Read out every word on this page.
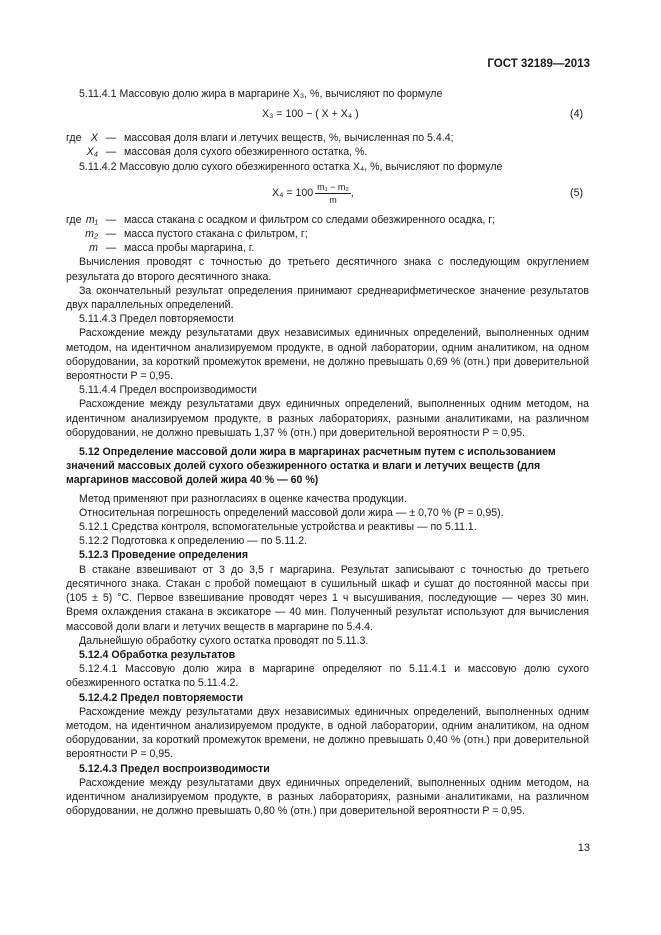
ГОСТ 32189—2013

5.11.4.1 Массовую долю жира в маргарине X₃, %, вычисляют по формуле

X₃ = 100 − ( X + X₄ )	(4)
где X — массовая доля влаги и летучих веществ, %, вычисленная по 5.4.4;
X₄ — массовая доля сухого обезжиренного остатка, %.

5.11.4.2 Массовую долю сухого обезжиренного остатка X₄, %, вычисляют по формуле

$X_4 = 100 \frac{\text{m₁ − m₂}}{m}$ ,	(5)
где m₁ — масса стакана с осадком и фильтром со следами обезжиренного осадка, г;
m₂ — масса пустого стакана с фильтром, г;
m — масса пробы маргарина, г.

Вычисления проводят с точностью до третьего десятичного знака с последующим округлением результата до второго десятичного знака.

За окончательный результат определения принимают среднеарифметическое значение результатов двух параллельных определений.

5.11.4.3 Предел повторяемости

Расхождение между результатами двух независимых единичных определений, выполненных одним методом, на идентичном анализируемом продукте, в одной лаборатории, одним аналитиком, на одном оборудовании, за короткий промежуток времени, не должно превышать 0,69 % (отн.) при доверительной вероятности P = 0,95.

5.11.4.4 Предел воспроизводимости

Расхождение между результатами двух единичных определений, выполненных одним методом, на идентичном анализируемом продукте, в разных лабораториях, разными аналитиками, на различном оборудовании, не должно превышать 1,37 % (отн.) при доверительной вероятности P = 0,95.

5.12 Определение массовой доли жира в маргаринах расчетным путем с использованием значений массовых долей сухого обезжиренного остатка и влаги и летучих веществ (для маргаринов массовой долей жира 40 % — 60 %)

Метод применяют при разногласиях в оценке качества продукции.

Относительная погрешность определений массовой доли жира — ± 0,70 % (P = 0,95).

5.12.1 Средства контроля, вспомогательные устройства и реактивы — по 5.11.1.

5.12.2 Подготовка к определению — по 5.11.2.

5.12.3 Проведение определения

В стакане взвешивают от 3 до 3,5 г маргарина. Результат записывают с точностью до третьего десятичного знака. Стакан с пробой помещают в сушильный шкаф и сушат до постоянной массы при (105 ± 5) °С. Первое взвешивание проводят через 1 ч высушивания, последующие — через 30 мин. Время охлаждения стакана в эксикаторе — 40 мин. Полученный результат используют для вычисления массовой доли влаги и летучих веществ в маргарине по 5.4.4.

Дальнейшую обработку сухого остатка проводят по 5.11.3.

5.12.4 Обработка результатов

5.12.4.1 Массовую долю жира в маргарине определяют по 5.11.4.1 и массовую долю сухого обезжиренного остатка по 5.11.4.2.

5.12.4.2 Предел повторяемости

Расхождение между результатами двух независимых единичных определений, выполненных одним методом, на идентичном анализируемом продукте, в одной лаборатории, одним аналитиком, на одном оборудовании, за короткий промежуток времени, не должно превышать 0,40 % (отн.) при доверительной вероятности P = 0,95.

5.12.4.3 Предел воспроизводимости

Расхождение между результатами двух единичных определений, выполненных одним методом, на идентичном анализируемом продукте, в разных лабораториях, разными аналитиками, на различном оборудовании, не должно превышать 0,80 % (отн.) при доверительной вероятности P = 0,95.

13
